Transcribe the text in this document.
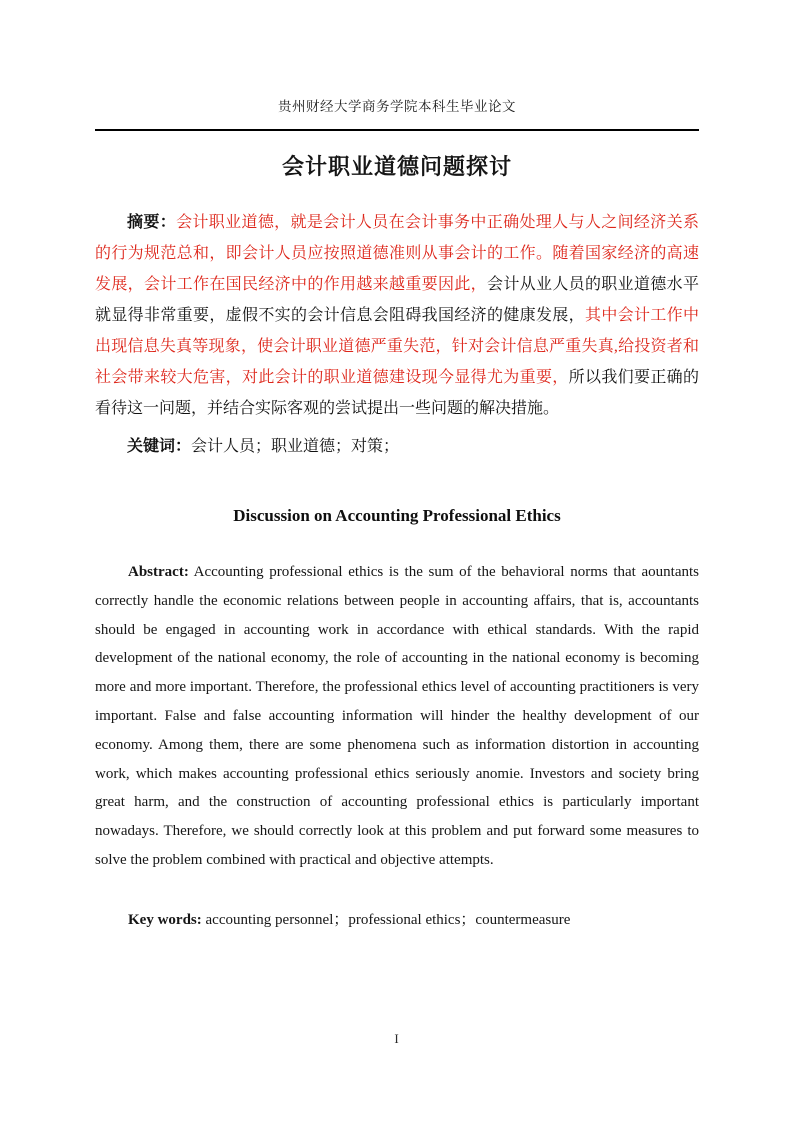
贵州财经大学商务学院本科生毕业论文
会计职业道德问题探讨

摘要：会计职业道德，就是会计人员在会计事务中正确处理人与人之间经济关系的行为规范总和，即会计人员应按照道德准则从事会计的工作。随着国家经济的高速发展，会计工作在国民经济中的作用越来越重要因此，会计从业人员的职业道德水平就显得非常重要，虚假不实的会计信息会阻碍我国经济的健康发展，其中会计工作中出现信息失真等现象，使会计职业道德严重失范，针对会计信息严重失真,给投资者和社会带来较大危害，对此会计的职业道德建设现今显得尤为重要，所以我们要正确的看待这一问题，并结合实际客观的尝试提出一些问题的解决措施。

关键词：会计人员；职业道德；对策；

Discussion on Accounting Professional Ethics

Abstract: Accounting professional ethics is the sum of the behavioral norms that aountants correctly handle the economic relations between people in accounting affairs, that is, accountants should be engaged in accounting work in accordance with ethical standards. With the rapid development of the national economy, the role of accounting in the national economy is becoming more and more important. Therefore, the professional ethics level of accounting practitioners is very important. False and false accounting information will hinder the healthy development of our economy. Among them, there are some phenomena such as information distortion in accounting work, which makes accounting professional ethics seriously anomie. Investors and society bring great harm, and the construction of accounting professional ethics is particularly important nowadays. Therefore, we should correctly look at this problem and put forward some measures to solve the problem combined with practical and objective attempts.

Key words: accounting personnel；professional ethics；countermeasure

I
